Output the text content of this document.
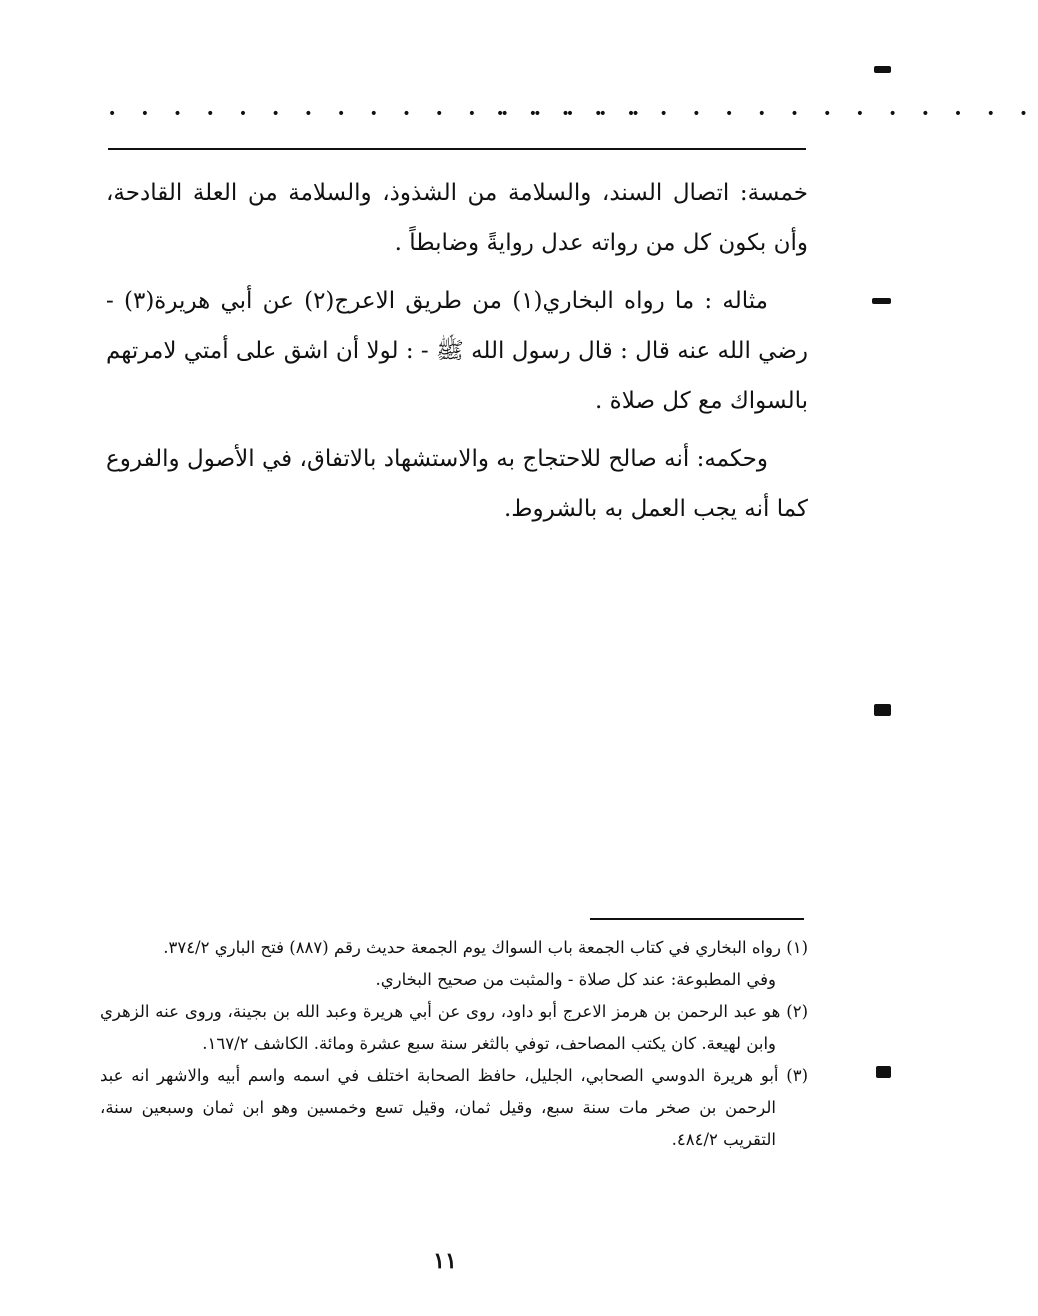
• • • • • • • • • • • • • • • • •
• • • • • • • • • • • • • • • • •

خمسة: اتصال السند، والسلامة من الشذوذ، والسلامة من العلة القادحة، وأن بكون كل من رواته عدل روايةً وضابطاً .

مثاله : ما رواه البخاري(١) من طريق الاعرج(٢) عن أبي هريرة(٣) - رضي الله عنه قال : قال رسول الله ﷺ - : لولا أن اشق على أمتي لامرتهم بالسواك مع كل صلاة .

وحكمه: أنه صالح للاحتجاج به والاستشهاد بالاتفاق، في الأصول والفروع كما أنه يجب العمل به بالشروط.

(١) رواه البخاري في كتاب الجمعة باب السواك يوم الجمعة حديث رقم (٨٨٧) فتح الباري ٣٧٤/٢.

وفي المطبوعة: عند كل صلاة - والمثبت من صحيح البخاري.

(٢) هو عبد الرحمن بن هرمز الاعرج أبو داود، روى عن أبي هريرة وعبد الله بن بجينة، وروى عنه الزهري وابن لهيعة. كان يكتب المصاحف، توفي بالثغر سنة سبع عشرة ومائة. الكاشف ١٦٧/٢.

(٣) أبو هريرة الدوسي الصحابي، الجليل، حافظ الصحابة اختلف في اسمه واسم أبيه والاشهر انه عبد الرحمن بن صخر مات سنة سبع، وقيل ثمان، وقيل تسع وخمسين وهو ابن ثمان وسبعين سنة، التقريب ٤٨٤/٢.

١١
